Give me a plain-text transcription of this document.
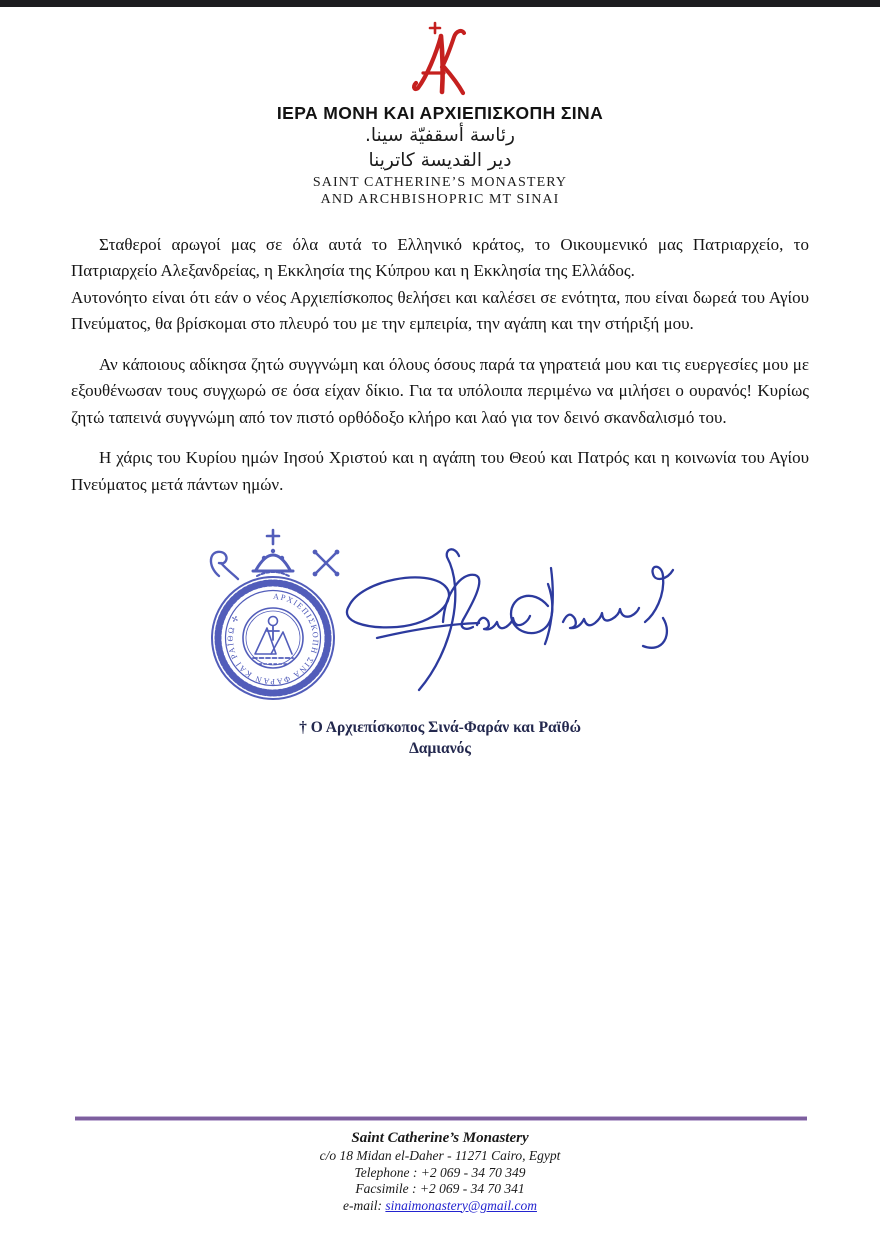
ΙΕΡΑ ΜΟΝΗ ΚΑΙ ΑΡΧΙΕΠΙΣΚΟΠΗ ΣΙΝΑ
رئاسة أسقفيّة سينا.
دير القديسة كاترينا
SAINT CATHERINE’S MONASTERY
AND ARCHBISHOPRIC MT SINAI
Σταθεροί αρωγοί μας σε όλα αυτά το Ελληνικό κράτος, το Οικουμενικό μας Πατριαρχείο, το Πατριαρχείο Αλεξανδρείας, η Εκκλησία της Κύπρου και η Εκκλησία της Ελλάδος.
Αυτονόητο είναι ότι εάν ο νέος Αρχιεπίσκοπος θελήσει και καλέσει σε ενότητα, που είναι δωρεά του Αγίου Πνεύματος, θα βρίσκομαι στο πλευρό του με την εμπειρία, την αγάπη και την στήριξή μου.
Αν κάποιους αδίκησα ζητώ συγγνώμη και όλους όσους παρά τα γηρατειά μου και τις ευεργεσίες μου με εξουθένωσαν τους συγχωρώ σε όσα είχαν δίκιο. Για τα υπόλοιπα περιμένω να μιλήσει ο ουρανός! Κυρίως ζητώ ταπεινά συγγνώμη από τον πιστό ορθόδοξο κλήρο και λαό για τον δεινό σκανδαλισμό του.
Η χάρις του Κυρίου ημών Ιησού Χριστού και η αγάπη του Θεού και Πατρός και η κοινωνία του Αγίου Πνεύματος μετά πάντων ημών.
ΑΡΧΙΕΠΙΣΚΟΠΗ ΣΙΝΑ ΦΑΡΑΝ ΚΑΙ ΡΑΪΘΩ ✢
† Ο Αρχιεπίσκοπος Σινά-Φαράν και Ραϊθώ
Δαμιανός
Saint Catherine’s Monastery
c/o 18 Midan el-Daher - 11271 Cairo, Egypt
Telephone : +2 069 - 34 70 349
Facsimile : +2 069 - 34 70 341
e-mail: sinaimonastery@gmail.com
